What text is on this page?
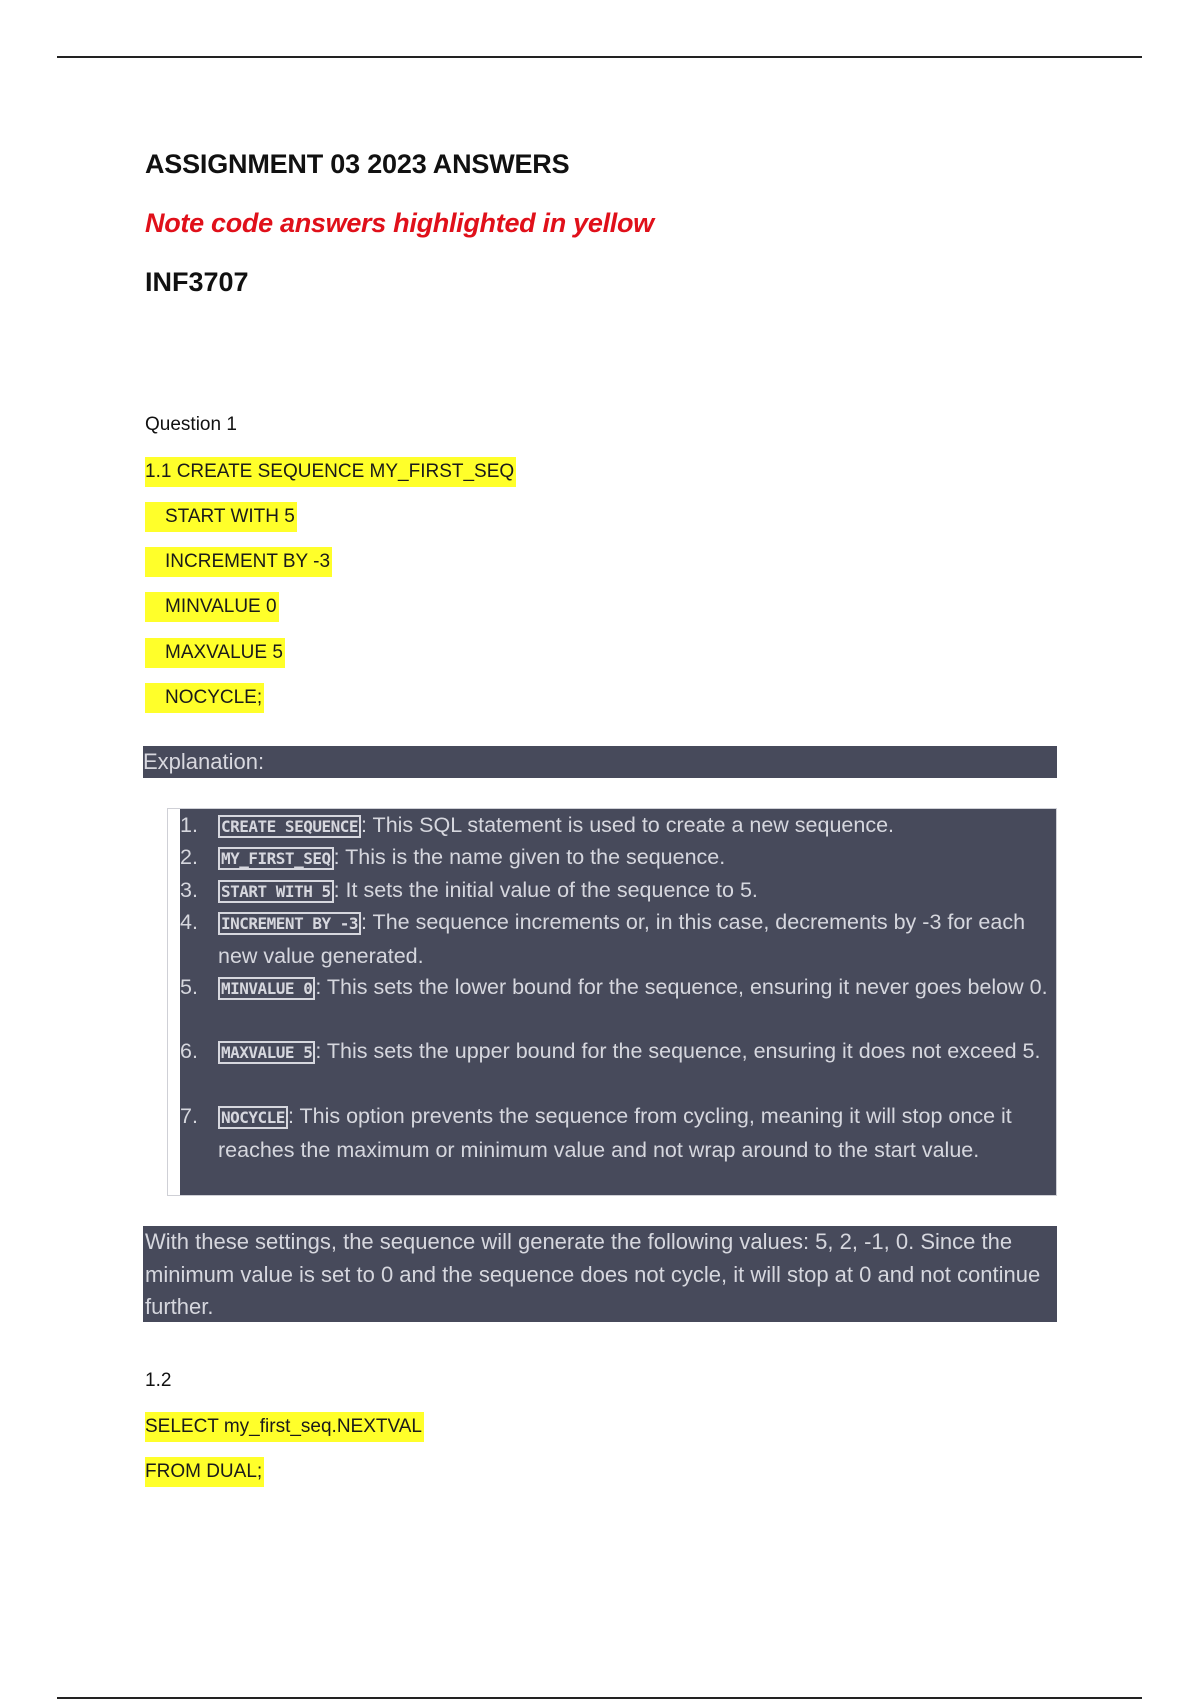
ASSIGNMENT 03 2023 ANSWERS
Note code answers highlighted in yellow
INF3707
Question 1
1.1 CREATE SEQUENCE MY_FIRST_SEQ
START WITH 5
INCREMENT BY -3
MINVALUE 0
MAXVALUE 5
NOCYCLE;
Explanation:
1.	CREATE SEQUENCE : This SQL statement is used to create a new sequence.
2.	MY_FIRST_SEQ : This is the name given to the sequence.
3.	START WITH 5 : It sets the initial value of the sequence to 5.
4.	INCREMENT BY -3 : The sequence increments or, in this case, decrements by -3 for each new value generated.
5.	MINVALUE 0 : This sets the lower bound for the sequence, ensuring it never goes below 0.
6.	MAXVALUE 5 : This sets the upper bound for the sequence, ensuring it does not exceed 5.
7.	NOCYCLE : This option prevents the sequence from cycling, meaning it will stop once it reaches the maximum or minimum value and not wrap around to the start value.
With these settings, the sequence will generate the following values: 5, 2, -1, 0. Since the minimum value is set to 0 and the sequence does not cycle, it will stop at 0 and not continue further.
1.2
SELECT my_first_seq.NEXTVAL
FROM DUAL;
